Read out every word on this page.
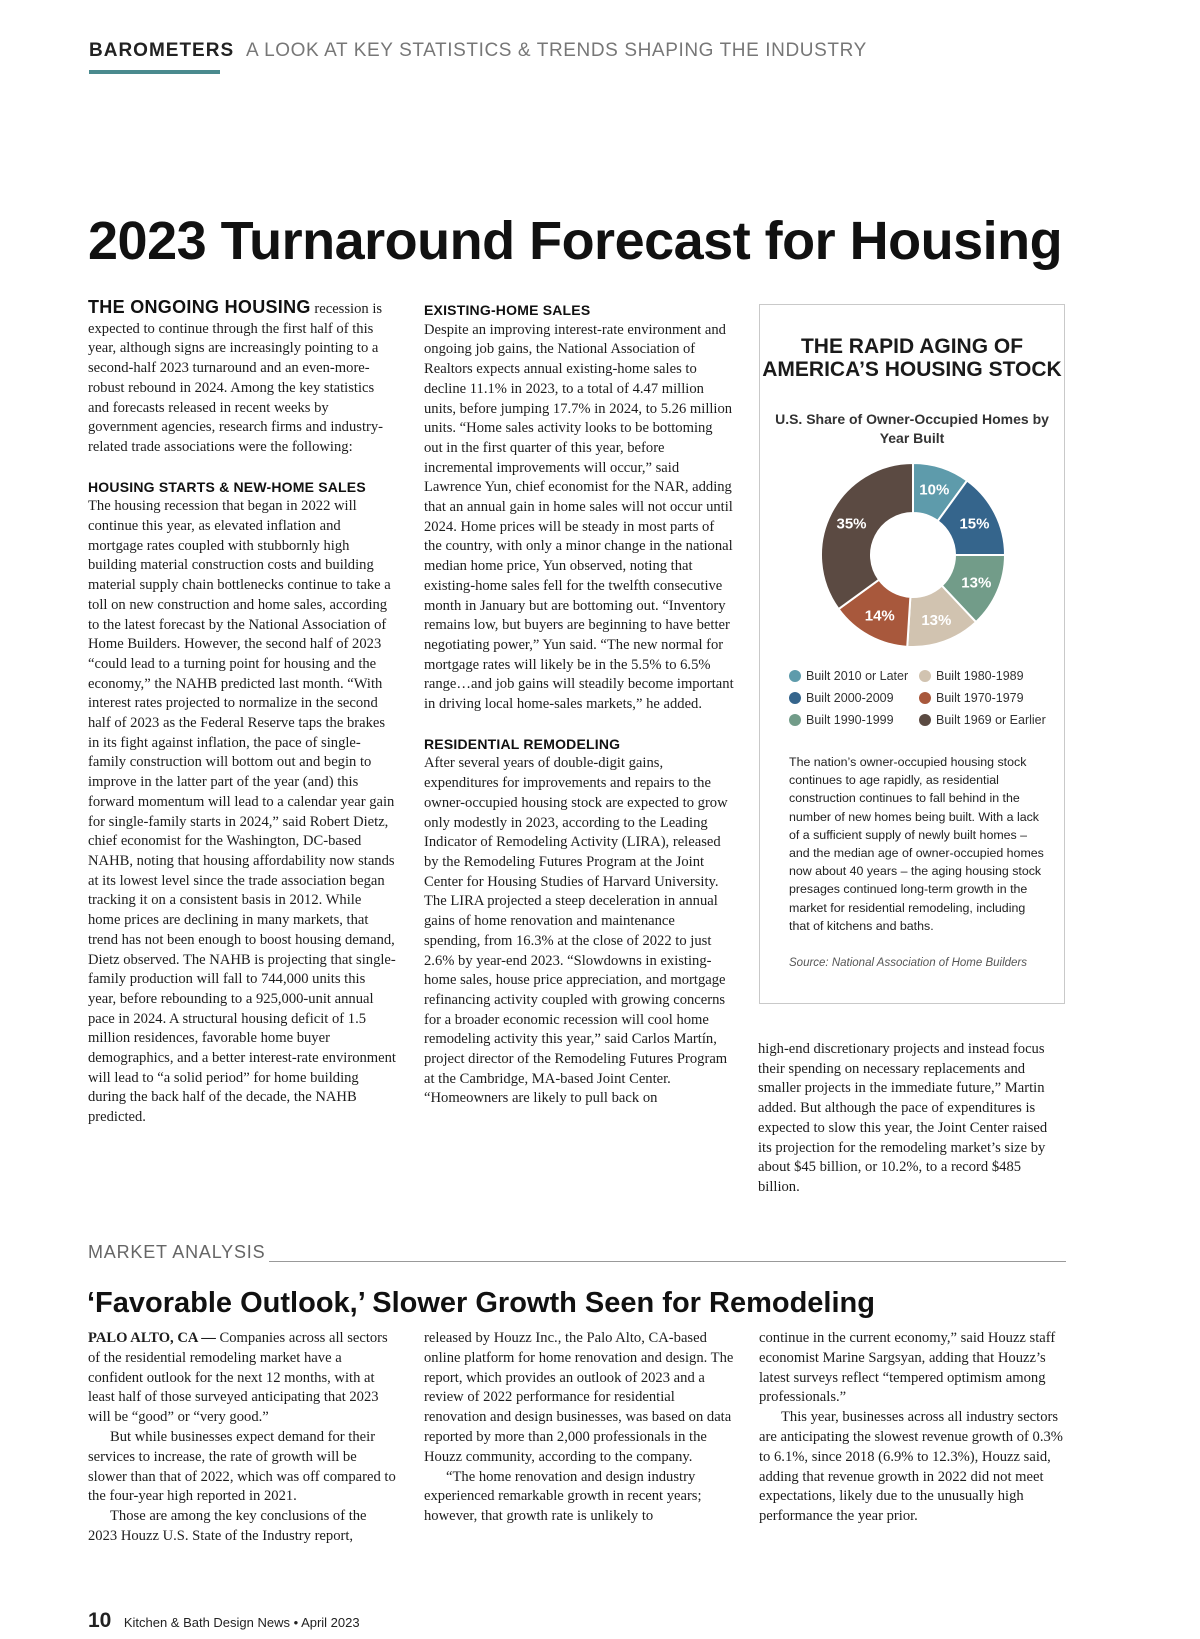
BAROMETERS A LOOK AT KEY STATISTICS & TRENDS SHAPING THE INDUSTRY
2023 Turnaround Forecast for Housing

THE ONGOING HOUSING recession is expected to continue through the first half of this year, although signs are increasingly pointing to a second-half 2023 turnaround and an even-more-robust rebound in 2024. Among the key statistics and forecasts released in recent weeks by government agencies, research firms and industry-related trade associations were the following:

HOUSING STARTS & NEW-HOME SALES

The housing recession that began in 2022 will continue this year, as elevated inflation and mortgage rates coupled with stubbornly high building material construction costs and building material supply chain bottlenecks continue to take a toll on new construction and home sales, according to the latest forecast by the National Association of Home Builders. However, the second half of 2023 “could lead to a turning point for housing and the economy,” the NAHB predicted last month. “With interest rates projected to normalize in the second half of 2023 as the Federal Reserve taps the brakes in its fight against inflation, the pace of single-family construction will bottom out and begin to improve in the latter part of the year (and) this forward momentum will lead to a calendar year gain for single-family starts in 2024,” said Robert Dietz, chief economist for the Washington, DC-based NAHB, noting that housing affordability now stands at its lowest level since the trade association began tracking it on a consistent basis in 2012. While home prices are declining in many markets, that trend has not been enough to boost housing demand, Dietz observed. The NAHB is projecting that single-family production will fall to 744,000 units this year, before rebounding to a 925,000-unit annual pace in 2024. A structural housing deficit of 1.5 million residences, favorable home buyer demographics, and a better interest-rate environment will lead to “a solid period” for home building during the back half of the decade, the NAHB predicted.

EXISTING-HOME SALES

Despite an improving interest-rate environment and ongoing job gains, the National Association of Realtors expects annual existing-home sales to decline 11.1% in 2023, to a total of 4.47 million units, before jumping 17.7% in 2024, to 5.26 million units. “Home sales activity looks to be bottoming out in the first quarter of this year, before incremental improvements will occur,” said Lawrence Yun, chief economist for the NAR, adding that an annual gain in home sales will not occur until 2024. Home prices will be steady in most parts of the country, with only a minor change in the national median home price, Yun observed, noting that existing-home sales fell for the twelfth consecutive month in January but are bottoming out. “Inventory remains low, but buyers are beginning to have better negotiating power,” Yun said. “The new normal for mortgage rates will likely be in the 5.5% to 6.5% range…and job gains will steadily become important in driving local home-sales markets,” he added.

RESIDENTIAL REMODELING

After several years of double-digit gains, expenditures for improvements and repairs to the owner-occupied housing stock are expected to grow only modestly in 2023, according to the Leading Indicator of Remodeling Activity (LIRA), released by the Remodeling Futures Program at the Joint Center for Housing Studies of Harvard University. The LIRA projected a steep deceleration in annual gains of home renovation and maintenance spending, from 16.3% at the close of 2022 to just 2.6% by year-end 2023. “Slowdowns in existing-home sales, house price appreciation, and mortgage refinancing activity coupled with growing concerns for a broader economic recession will cool home remodeling activity this year,” said Carlos Martín, project director of the Remodeling Futures Program at the Cambridge, MA-based Joint Center. “Homeowners are likely to pull back on

THE RAPID AGING OF AMERICA’S HOUSING STOCK
U.S. Share of Owner-Occupied Homes by Year Built
10%
15%
13%
13%
14%
35%
Built 2010 or Later	Built 1980-1989
Built 2000-2009	Built 1970-1979
Built 1990-1999	Built 1969 or Earlier
The nation’s owner-occupied housing stock continues to age rapidly, as residential construction continues to fall behind in the number of new homes being built. With a lack of a sufficient supply of newly built homes – and the median age of owner-occupied homes now about 40 years – the aging housing stock presages continued long-term growth in the market for residential remodeling, including that of kitchens and baths.
Source: National Association of Home Builders

high-end discretionary projects and instead focus their spending on necessary replacements and smaller projects in the immediate future,” Martin added. But although the pace of expenditures is expected to slow this year, the Joint Center raised its projection for the remodeling market’s size by about $45 billion, or 10.2%, to a record $485 billion.

MARKET ANALYSIS
‘Favorable Outlook,’ Slower Growth Seen for Remodeling

PALO ALTO, CA — Companies across all sectors of the residential remodeling market have a confident outlook for the next 12 months, with at least half of those surveyed anticipating that 2023 will be “good” or “very good.”

But while businesses expect demand for their services to increase, the rate of growth will be slower than that of 2022, which was off compared to the four-year high reported in 2021.

Those are among the key conclusions of the 2023 Houzz U.S. State of the Industry report,

released by Houzz Inc., the Palo Alto, CA-based online platform for home renovation and design. The report, which provides an outlook of 2023 and a review of 2022 performance for residential renovation and design businesses, was based on data reported by more than 2,000 professionals in the Houzz community, according to the company.

“The home renovation and design industry experienced remarkable growth in recent years; however, that growth rate is unlikely to

continue in the current economy,” said Houzz staff economist Marine Sargsyan, adding that Houzz’s latest surveys reflect “tempered optimism among professionals.”

This year, businesses across all industry sectors are anticipating the slowest revenue growth of 0.3% to 6.1%, since 2018 (6.9% to 12.3%), Houzz said, adding that revenue growth in 2022 did not meet expectations, likely due to the unusually high performance the year prior.

10 Kitchen & Bath Design News • April 2023
